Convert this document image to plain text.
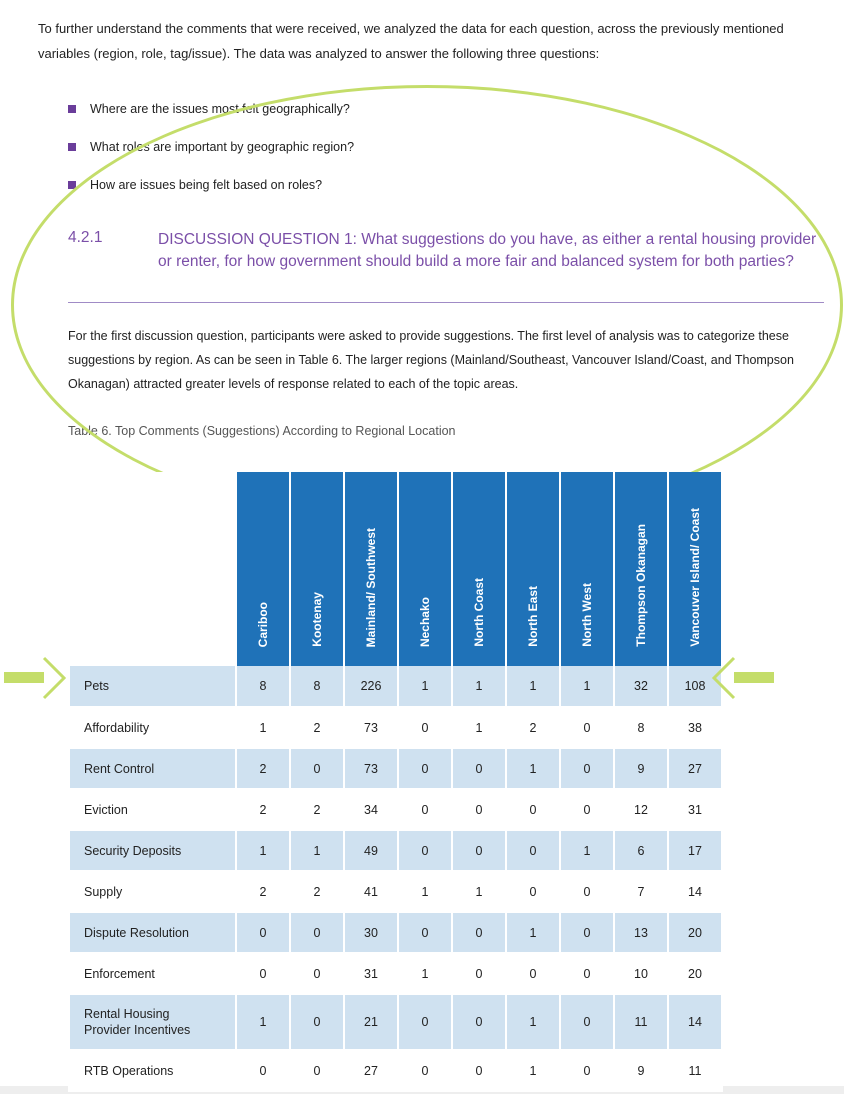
To further understand the comments that were received, we analyzed the data for each question, across the previously mentioned variables (region, role, tag/issue). The data was analyzed to answer the following three questions:
Where are the issues most felt geographically?
What roles are important by geographic region?
How are issues being felt based on roles?
4.2.1	DISCUSSION QUESTION 1: What suggestions do you have, as either a rental housing provider or renter, for how government should build a more fair and balanced system for both parties?
For the first discussion question, participants were asked to provide suggestions. The first level of analysis was to categorize these suggestions by region. As can be seen in Table 6. The larger regions (Mainland/Southeast, Vancouver Island/Coast, and Thompson Okanagan) attracted greater levels of response related to each of the topic areas.
Table 6. Top Comments (Suggestions) According to Regional Location
	Cariboo	Kootenay	Mainland/ Southwest	Nechako	North Coast	North East	North West	Thompson Okanagan	Vancouver Island/ Coast
Pets	8	8	226	1	1	1	1	32	108
Affordability	1	2	73	0	1	2	0	8	38
Rent Control	2	0	73	0	0	1	0	9	27
Eviction	2	2	34	0	0	0	0	12	31
Security Deposits	1	1	49	0	0	0	1	6	17
Supply	2	2	41	1	1	0	0	7	14
Dispute Resolution	0	0	30	0	0	1	0	13	20
Enforcement	0	0	31	1	0	0	0	10	20
Rental Housing Provider Incentives	1	0	21	0	0	1	0	11	14
RTB Operations	0	0	27	0	0	1	0	9	11
